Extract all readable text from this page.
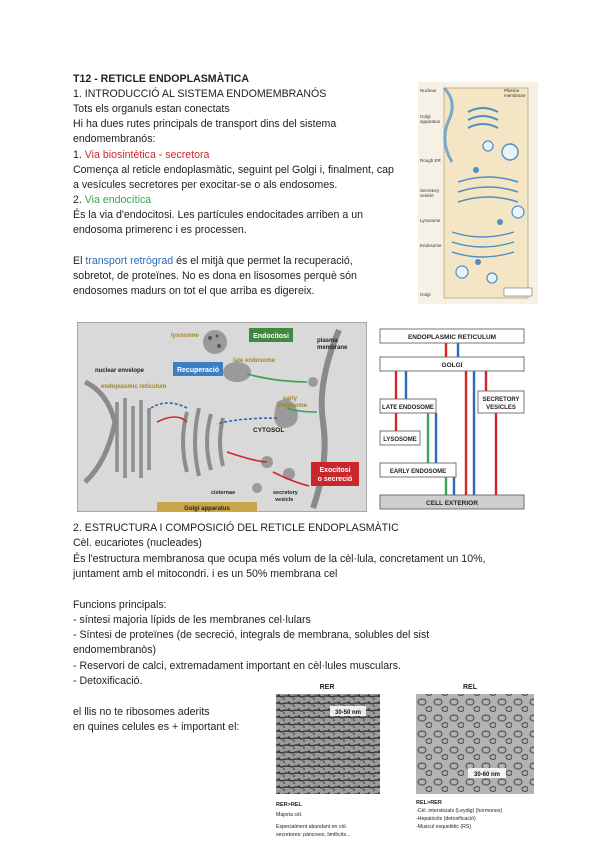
T12 - RETICLE ENDOPLASMÀTICA
1. INTRODUCCIÓ AL SISTEMA ENDOMEMBRANÓS
Tots els organuls estan conectats
Hi ha dues rutes principals de transport dins del sistema
endomembranós:
1. Via biosintètica - secretora
Comença al reticle endoplasmàtic, seguint pel Golgi i, finalment, cap
a vesícules secretores per exocitar-se o als endosomes.
2. Via endocítica
És la via d'endocitosi. Les partícules endocitades arriben a un
endosoma primerenc i es processen.
El transport retrògrad és el mitjà que permet la recuperació,
sobretot, de proteïnes. No es dona en lisosomes perquè són
endosomes madurs on tot el que arriba es digereix.
Nucleus
Golgi
apparatus
Rough ER
Secretory
vesicle
Lysosome
Endosome
Plasma
membrane
Golgi
Endocitosi
Recuperació
Exocitosi
o secreció
lysosome
plasma
membrane
nuclear envelope
late endosome
endoplasmic reticulum
early
endosome
CYTOSOL
cisternae	secretory
vesicle
Golgi apparatus
ENDOPLASMIC RETICULUM
GOLGI
LATE ENDOSOME
SECRETORY
VESICLES
LYSOSOME
EARLY ENDOSOME
CELL EXTERIOR
2. ESTRUCTURA I COMPOSICIÓ DEL RETICLE ENDOPLASMÀTIC
Cèl. eucariotes (nucleades)
És l'estructura membranosa que ocupa més volum de la cèl·lula, concretament un 10%,
juntament amb el mitocondri. i es un 50% membrana cel
Funcions principals:
- síntesi majoria lípids de les membranes cel·lulars
- Síntesi de proteïnes (de secreció, integrals de membrana, solubles del sist
endomembranòs)
- Reservori de calci, extremadament important en cèl·lules musculars.
- Detoxificació.
el llis no te ribosomes aderits
en quines celules es + important el:
RER	REL
30-50 nm
30-60 nm
RER>REL
Majoria cèl.
Especialment abundant en cèl.
secretores: pàncrees, limfòcits...
REL>RER
-Cèl. intersticials (Leydig) (hormones)
-Hepatòcits (detoxificació)
-Muscul esquelètic (RS)
